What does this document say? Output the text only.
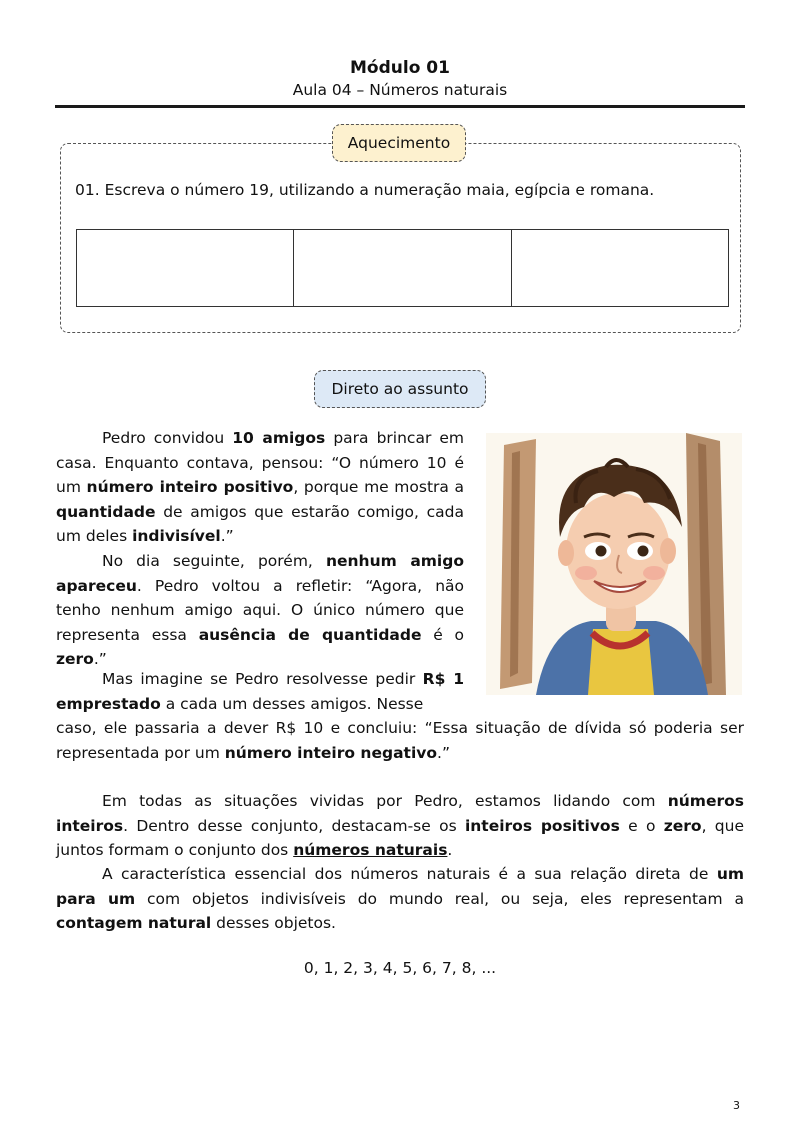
Módulo 01
Aula 04 – Números naturais
Aquecimento
01. Escreva o número 19, utilizando a numeração maia, egípcia e romana.
Direto ao assunto

Pedro convidou 10 amigos para brincar em casa. Enquanto contava, pensou: “O número 10 é um número inteiro positivo, porque me mostra a quantidade de amigos que estarão comigo, cada um deles indivisível.”

No dia seguinte, porém, nenhum amigo apareceu. Pedro voltou a refletir: “Agora, não tenho nenhum amigo aqui. O único número que representa essa ausência de quantidade é o zero.”

Mas imagine se Pedro resolvesse pedir R$ 1 emprestado a cada um desses amigos. Nesse

caso, ele passaria a dever R$ 10 e concluiu: “Essa situação de dívida só poderia ser representada por um número inteiro negativo.”

Em todas as situações vividas por Pedro, estamos lidando com números inteiros. Dentro desse conjunto, destacam-se os inteiros positivos e o zero, que juntos formam o conjunto dos números naturais.

A característica essencial dos números naturais é a sua relação direta de um para um com objetos indivisíveis do mundo real, ou seja, eles representam a contagem natural desses objetos.

0, 1, 2, 3, 4, 5, 6, 7, 8, ...
3
